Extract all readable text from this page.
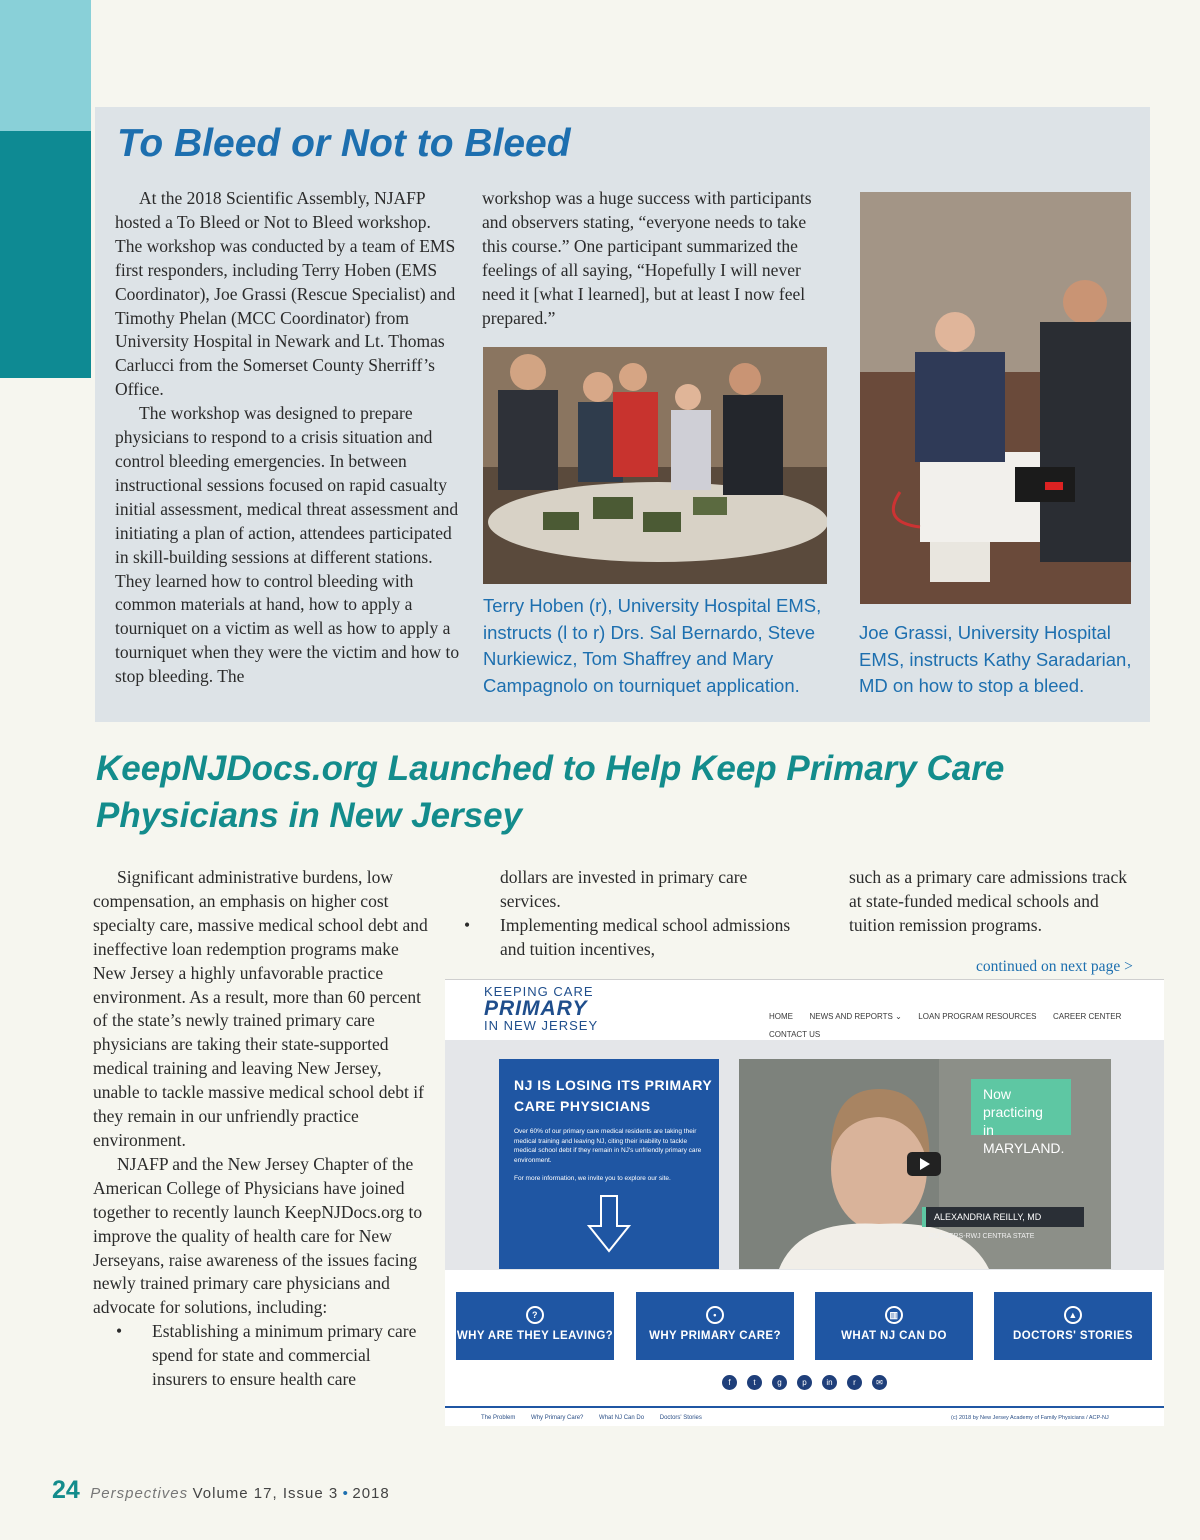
To Bleed or Not to Bleed

At the 2018 Scientific Assembly, NJAFP hosted a To Bleed or Not to Bleed workshop. The workshop was conducted by a team of EMS first responders, including Terry Hoben (EMS Coordinator), Joe Grassi (Rescue Specialist) and Timothy Phelan (MCC Coordinator) from University Hospital in Newark and Lt. Thomas Carlucci from the Somerset County Sherriff’s Office.

The workshop was designed to prepare physicians to respond to a crisis situation and control bleeding emergencies. In between instructional sessions focused on rapid casualty initial assessment, medical threat assessment and initiating a plan of action, attendees participated in skill-building sessions at different stations. They learned how to control bleeding with common materials at hand, how to apply a tourniquet on a victim as well as how to apply a tourniquet when they were the victim and how to stop bleeding. The

workshop was a huge success with participants and observers stating, “everyone needs to take this course.” One participant summarized the feelings of all saying, “Hopefully I will never need it [what I learned], but at least I now feel prepared.”

Terry Hoben (r), University Hospital EMS, instructs (l to r) Drs. Sal Bernardo, Steve Nurkiewicz, Tom Shaffrey and Mary Campagnolo on tourniquet application.
Joe Grassi, University Hospital EMS, instructs Kathy Saradarian, MD on how to stop a bleed.
KeepNJDocs.org Launched to Help Keep Primary Care
Physicians in New Jersey

Significant administrative burdens, low compensation, an emphasis on higher cost specialty care, massive medical school debt and ineffective loan redemption programs make New Jersey a highly unfavorable practice environment. As a result, more than 60 percent of the state’s newly trained primary care physicians are taking their state-supported medical training and leaving New Jersey, unable to tackle massive medical school debt if they remain in our unfriendly practice environment.

NJAFP and the New Jersey Chapter of the American College of Physicians have joined together to recently launch KeepNJDocs.org to improve the quality of health care for New Jerseyans, raise awareness of the issues facing newly trained primary care physicians and advocate for solutions, including:

• Establishing a minimum primary care spend for state and commercial insurers to ensure health care
dollars are invested in primary care services.
• Implementing medical school admissions and tuition incentives,
such as a primary care admissions track at state-funded medical schools and tuition remission programs.
continued on next page >
KEEPING CARE
PRIMARY
IN NEW JERSEY
HOME NEWS AND REPORTS ⌄ LOAN PROGRAM RESOURCES CAREER CENTER CONTACT US
NJ IS LOSING ITS PRIMARY
CARE PHYSICIANS
Over 60% of our primary care medical residents are taking their medical training and leaving NJ, citing their inability to tackle medical school debt if they remain in NJ's unfriendly primary care environment.
For more information, we invite you to explore our site.
Now practicing
in MARYLAND.
ALEXANDRIA REILLY, MD
RUTGERS-RWJ CENTRA STATE
?
WHY ARE THEY LEAVING?
•
WHY PRIMARY CARE?
▥
WHAT NJ CAN DO
▲
DOCTORS' STORIES
f	t	g	p in	r	✉
The Problem	Why Primary Care?	What NJ Can Do	Doctors' Stories	(c) 2018 by New Jersey Academy of Family Physicians / ACP-NJ
24 Perspectives Volume 17, Issue 3 • 2018
